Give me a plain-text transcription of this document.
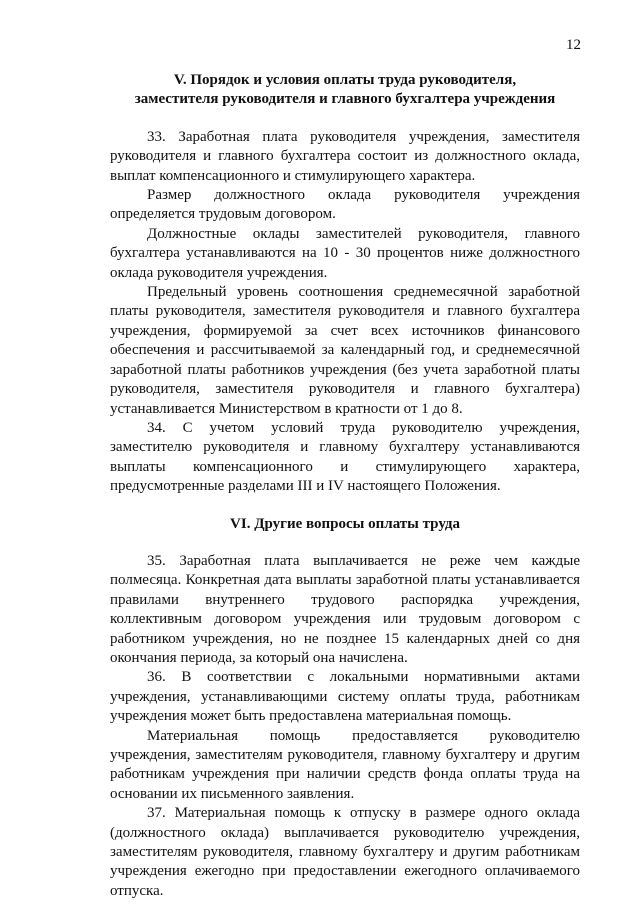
12
V. Порядок и условия оплаты труда руководителя,
заместителя руководителя и главного бухгалтера учреждения

33. Заработная плата руководителя учреждения, заместителя руководителя и главного бухгалтера состоит из должностного оклада, выплат компенсационного и стимулирующего характера.

Размер должностного оклада руководителя учреждения определяется трудовым договором.

Должностные оклады заместителей руководителя, главного бухгалтера устанавливаются на 10 - 30 процентов ниже должностного оклада руководителя учреждения.

Предельный уровень соотношения среднемесячной заработной платы руководителя, заместителя руководителя и главного бухгалтера учреждения, формируемой за счет всех источников финансового обеспечения и рассчитываемой за календарный год, и среднемесячной заработной платы работников учреждения (без учета заработной платы руководителя, заместителя руководителя и главного бухгалтера) устанавливается Министерством в кратности от 1 до 8.

34. С учетом условий труда руководителю учреждения, заместителю руководителя и главному бухгалтеру устанавливаются выплаты компенсационного и стимулирующего характера, предусмотренные разделами III и IV настоящего Положения.

VI. Другие вопросы оплаты труда

35. Заработная плата выплачивается не реже чем каждые полмесяца. Конкретная дата выплаты заработной платы устанавливается правилами внутреннего трудового распорядка учреждения, коллективным договором учреждения или трудовым договором с работником учреждения, но не позднее 15 календарных дней со дня окончания периода, за который она начислена.

36. В соответствии с локальными нормативными актами учреждения, устанавливающими систему оплаты труда, работникам учреждения может быть предоставлена материальная помощь.

Материальная помощь предоставляется руководителю учреждения, заместителям руководителя, главному бухгалтеру и другим работникам учреждения при наличии средств фонда оплаты труда на основании их письменного заявления.

37. Материальная помощь к отпуску в размере одного оклада (должностного оклада) выплачивается руководителю учреждения, заместителям руководителя, главному бухгалтеру и другим работникам учреждения ежегодно при предоставлении ежегодного оплачиваемого отпуска.
